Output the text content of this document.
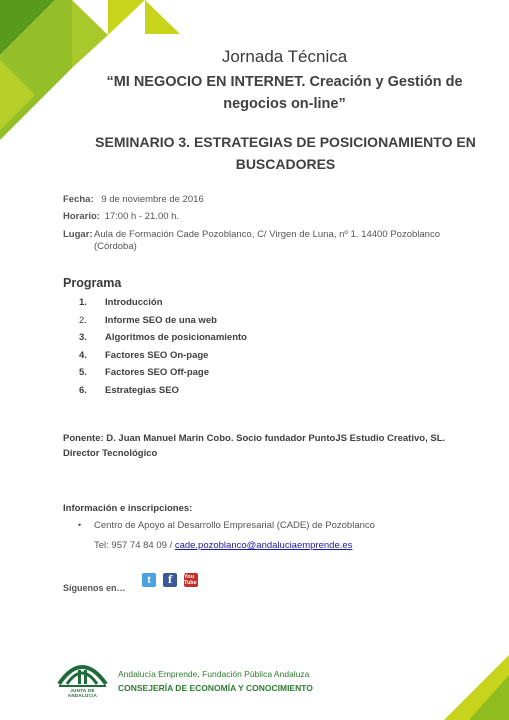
Jornada Técnica
“MI NEGOCIO EN INTERNET. Creación y Gestión de
negocios on-line”
SEMINARIO 3. ESTRATEGIAS DE POSICIONAMIENTO EN
BUSCADORES
Fecha: 9 de noviembre de 2016
Horario: 17:00 h - 21.00 h.
Lugar: Aula de Formación Cade Pozoblanco, C/ Virgen de Luna, nº 1. 14400 Pozoblanco (Córdoba)
Programa
1.	Introducción
2.	Informe SEO de una web
3.	Algoritmos de posicionamiento
4.	Factores SEO On-page
5.	Factores SEO Off-page
6.	Estrategias SEO
Ponente: D. Juan Manuel Marín Cobo. Socio fundador PuntoJS Estudio Creativo, SL.
Director Tecnológico
Información e inscripciones:
• Centro de Apoyo al Desarrollo Empresarial (CADE) de Pozoblanco
Tel: 957 74 84 09 / cade.pozoblanco@andaluciaemprende.es
Síguenos en…
t	f	You Tube
JUNTA DE ANDALUCIA
Andalucía Emprende, Fundación Pública Andaluza
CONSEJERÍA DE ECONOMÍA Y CONOCIMIENTO
